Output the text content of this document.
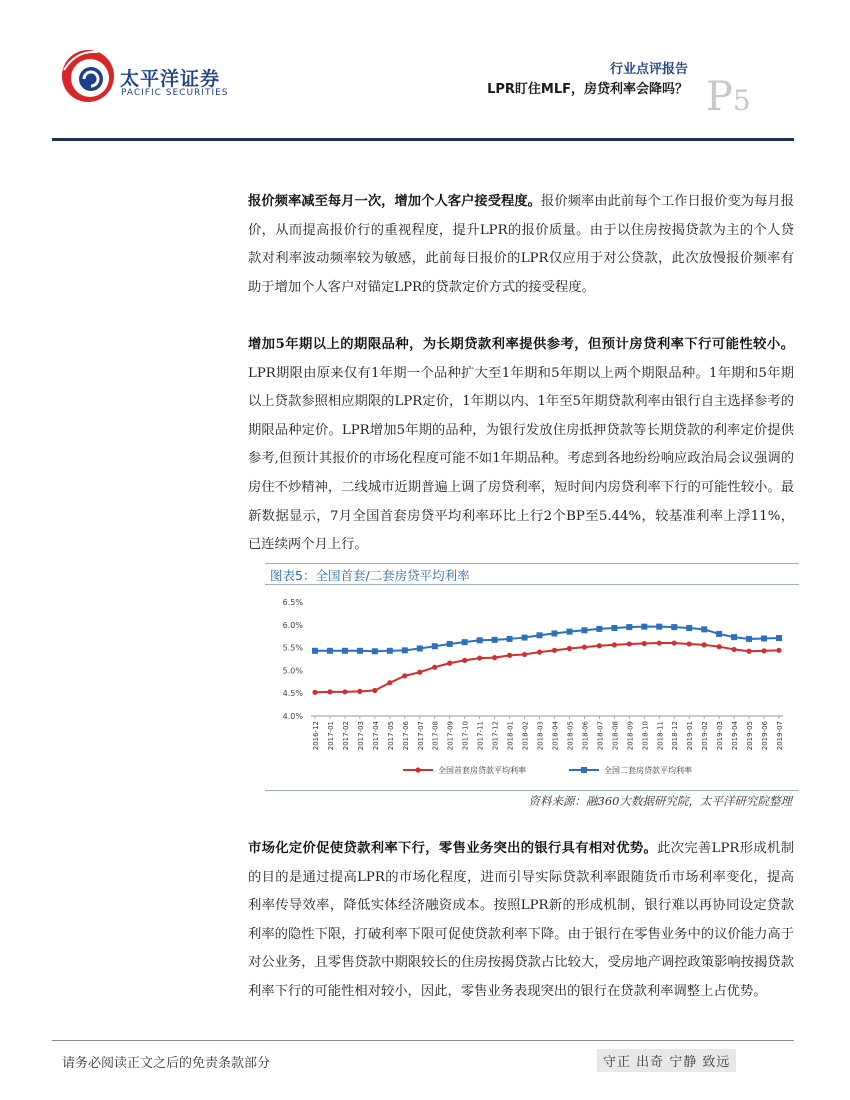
太平洋证券
PACIFIC SECURITIES
行业点评报告
LPR盯住MLF，房贷利率会降吗？ P5
报价频率减至每月一次，增加个人客户接受程度。报价频率由此前每个工作日报价变为每月报价，从而提高报价行的重视程度，提升LPR的报价质量。由于以住房按揭贷款为主的个人贷款对利率波动频率较为敏感，此前每日报价的LPR仅应用于对公贷款，此次放慢报价频率有助于增加个人客户对锚定LPR的贷款定价方式的接受程度。
增加5年期以上的期限品种，为长期贷款利率提供参考，但预计房贷利率下行可能性较小。LPR期限由原来仅有1年期一个品种扩大至1年期和5年期以上两个期限品种。1年期和5年期以上贷款参照相应期限的LPR定价，1年期以内、1年至5年期贷款利率由银行自主选择参考的期限品种定价。LPR增加5年期的品种，为银行发放住房抵押贷款等长期贷款的利率定价提供参考,但预计其报价的市场化程度可能不如1年期品种。考虑到各地纷纷响应政治局会议强调的房住不炒精神，二线城市近期普遍上调了房贷利率，短时间内房贷利率下行的可能性较小。最新数据显示，7月全国首套房贷平均利率环比上行2个BP至5.44%，较基准利率上浮11%，已连续两个月上行。
图表5：全国首套/二套房贷平均利率
6.5%
6.0%
5.5%
5.0%
4.5%
4.0%
2016-12 2017-01 2017-02 2017-03 2017-04 2017-05 2017-06 2017-07 2017-08 2017-09 2017-10 2017-11 2017-12 2018-01 2018-02 2018-03 2018-04 2018-05 2018-06 2018-07 2018-08 2018-09 2018-10 2018-11 2018-12 2019-01 2019-02 2019-03 2019-04 2019-05 2019-06 2019-07
全国首套房贷款平均利率	全国二套房贷款平均利率
资料来源：融360大数据研究院，太平洋研究院整理
市场化定价促使贷款利率下行，零售业务突出的银行具有相对优势。此次完善LPR形成机制的目的是通过提高LPR的市场化程度，进而引导实际贷款利率跟随货币市场利率变化，提高利率传导效率，降低实体经济融资成本。按照LPR新的形成机制，银行难以再协同设定贷款利率的隐性下限，打破利率下限可促使贷款利率下降。由于银行在零售业务中的议价能力高于对公业务，且零售贷款中期限较长的住房按揭贷款占比较大，受房地产调控政策影响按揭贷款利率下行的可能性相对较小，因此，零售业务表现突出的银行在贷款利率调整上占优势。
请务必阅读正文之后的免责条款部分	守正 出奇 宁静 致远
